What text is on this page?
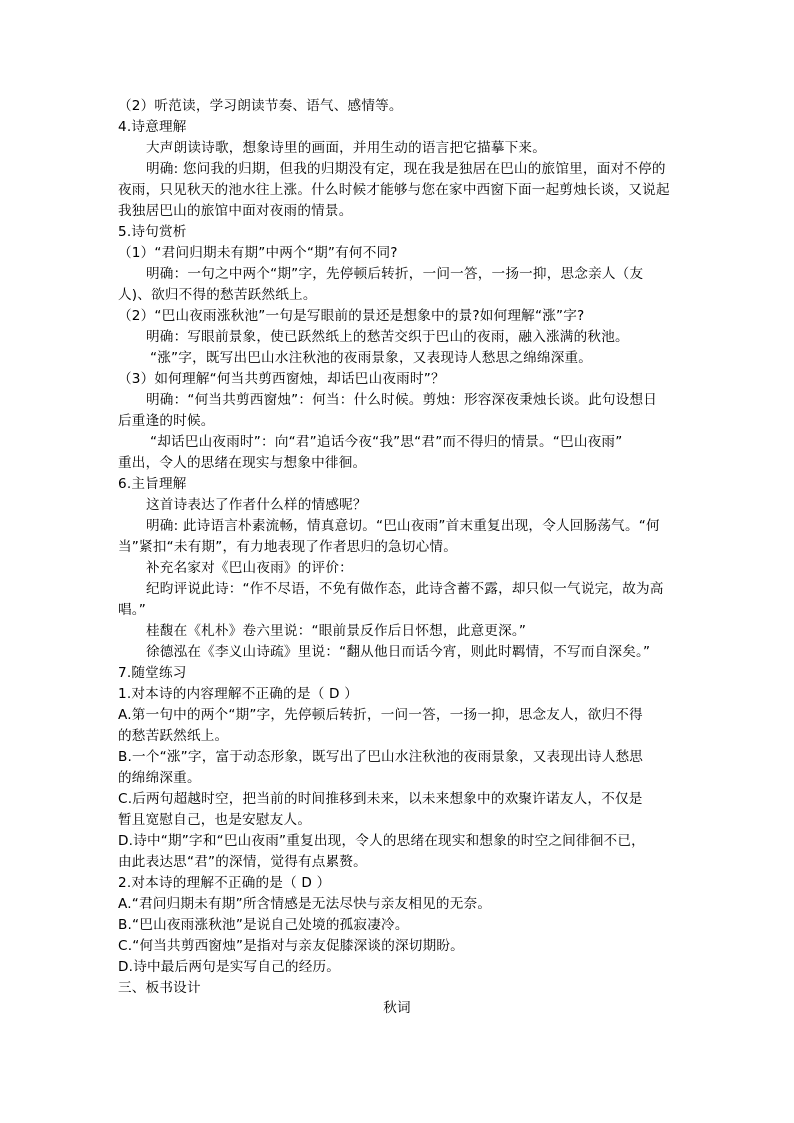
（2）听范读，学习朗读节奏、语气、感情等。
4.诗意理解
大声朗读诗歌，想象诗里的画面，并用生动的语言把它描摹下来。
明确: 您问我的归期，但我的归期没有定，现在我是独居在巴山的旅馆里，面对不停的
夜雨，只见秋天的池水往上涨。什么时候才能够与您在家中西窗下面一起剪烛长谈，又说起
我独居巴山的旅馆中面对夜雨的情景。
5.诗句赏析
（1）“君问归期未有期”中两个“期”有何不同?
明确：一句之中两个“期”字，先停顿后转折，一问一答，一扬一抑，思念亲人（友
人)、欲归不得的愁苦跃然纸上。
（2）“巴山夜雨涨秋池”一句是写眼前的景还是想象中的景?如何理解“涨”字?
明确：写眼前景象，使已跃然纸上的愁苦交织于巴山的夜雨，融入涨满的秋池。
“涨”字，既写出巴山水注秋池的夜雨景象，又表现诗人愁思之绵绵深重。
（3）如何理解“何当共剪西窗烛，却话巴山夜雨时”？
明确：“何当共剪西窗烛”：何当：什么时候。剪烛：形容深夜秉烛长谈。此句设想日
后重逢的时候。
“却话巴山夜雨时”：向“君”追话今夜“我”思“君”而不得归的情景。“巴山夜雨”
重出，令人的思绪在现实与想象中徘徊。
6.主旨理解
这首诗表达了作者什么样的情感呢？
明确: 此诗语言朴素流畅，情真意切。“巴山夜雨”首末重复出现，令人回肠荡气。“何
当”紧扣“未有期”，有力地表现了作者思归的急切心情。
补充名家对《巴山夜雨》的评价：
纪昀评说此诗：“作不尽语，不免有做作态，此诗含蓄不露，却只似一气说完，故为高
唱。”
桂馥在《札朴》卷六里说：“眼前景反作后日怀想，此意更深。”
徐德泓在《李义山诗疏》里说：“翻从他日而话今宵，则此时羁情，不写而自深矣。”
7.随堂练习
1.对本诗的内容理解不正确的是（ D ）
A.第一句中的两个“期”字，先停顿后转折，一问一答，一扬一抑，思念友人，欲归不得
的愁苦跃然纸上。
B.一个“涨”字，富于动态形象，既写出了巴山水注秋池的夜雨景象，又表现出诗人愁思
的绵绵深重。
C.后两句超越时空，把当前的时间推移到未来，以未来想象中的欢聚许诺友人，不仅是
暂且宽慰自己，也是安慰友人。
D.诗中“期”字和“巴山夜雨”重复出现，令人的思绪在现实和想象的时空之间徘徊不已，
由此表达思“君”的深情，觉得有点累赘。
2.对本诗的理解不正确的是（ D ）
A.“君问归期未有期”所含情感是无法尽快与亲友相见的无奈。
B.“巴山夜雨涨秋池”是说自己处境的孤寂凄冷。
C.“何当共剪西窗烛”是指对与亲友促膝深谈的深切期盼。
D.诗中最后两句是实写自己的经历。
三、板书设计
秋词
